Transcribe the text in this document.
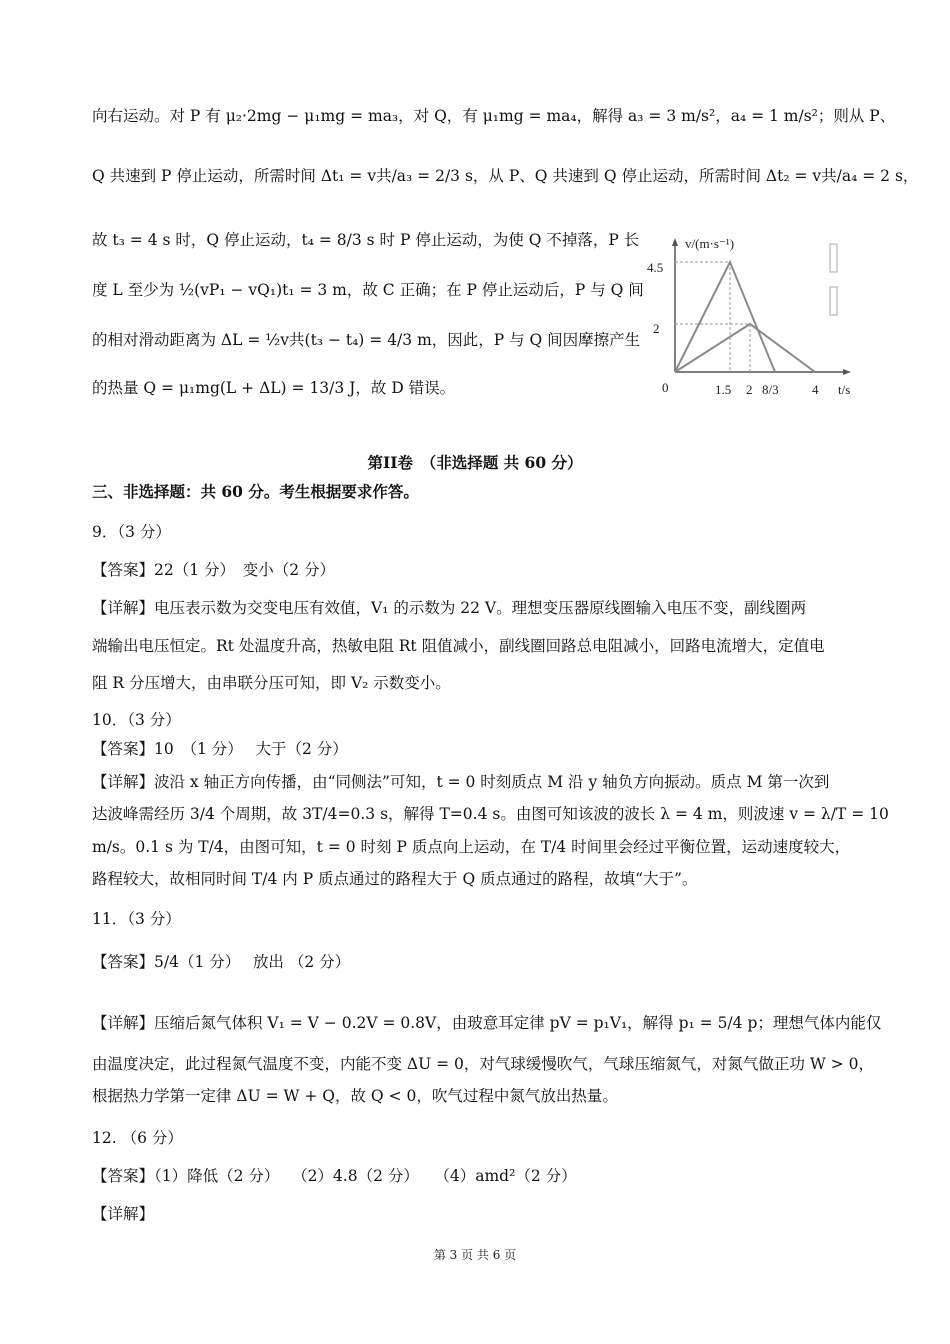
向右运动。对 P 有 μ₂·2mg − μ₁mg = ma₃，对 Q，有 μ₁mg = ma₄，解得 a₃ = 3 m/s²，a₄ = 1 m/s²；则从 P、
Q 共速到 P 停止运动，所需时间 Δt₁ = v共/a₃ = 2/3 s，从 P、Q 共速到 Q 停止运动，所需时间 Δt₂ = v共/a₄ = 2 s，
故 t₃ = 4 s 时，Q 停止运动，t₄ = 8/3 s 时 P 停止运动，为使 Q 不掉落，P 长
度 L 至少为 ½(vP₁ − vQ₁)t₁ = 3 m，故 C 正确；在 P 停止运动后，P 与 Q 间
的相对滑动距离为 ΔL = ½v共(t₃ − t₄) = 4/3 m，因此，P 与 Q 间因摩擦产生
的热量 Q = μ₁mg(L + ΔL) = 13/3 J，故 D 错误。
v/(m·s⁻¹)
4.5
2
0	1.5 2 8/3	4 t/s
第II卷　（非选择题 共 60 分）
三、非选择题：共 60 分。考生根据要求作答。
9．（3 分）
【答案】22（1 分）　变小（2 分）
【详解】电压表示数为交变电压有效值，V₁ 的示数为 22 V。理想变压器原线圈输入电压不变，副线圈两
端输出电压恒定。Rt 处温度升高，热敏电阻 Rt 阻值减小，副线圈回路总电阻减小，回路电流增大，定值电
阻 R 分压增大，由串联分压可知，即 V₂ 示数变小。
10．（3 分）
【答案】10　（1 分）　 大于（2 分）
【详解】波沿 x 轴正方向传播，由“同侧法”可知，t = 0 时刻质点 M 沿 y 轴负方向振动。质点 M 第一次到
达波峰需经历 3/4 个周期，故 3T/4=0.3 s，解得 T=0.4 s。由图可知该波的波长 λ = 4 m，则波速 v = λ/T = 10
m/s。0.1 s 为 T/4，由图可知，t = 0 时刻 P 质点向上运动，在 T/4 时间里会经过平衡位置，运动速度较大，
路程较大，故相同时间 T/4 内 P 质点通过的路程大于 Q 质点通过的路程，故填“大于”。
11．（3 分）
【答案】5/4（1 分）　 放出 （2 分）
【详解】压缩后氮气体积 V₁ = V − 0.2V = 0.8V，由玻意耳定律 pV = p₁V₁，解得 p₁ = 5/4 p；理想气体内能仅
由温度决定，此过程氮气温度不变，内能不变 ΔU = 0，对气球缓慢吹气，气球压缩氮气，对氮气做正功 W > 0，
根据热力学第一定律 ΔU = W + Q，故 Q < 0，吹气过程中氮气放出热量。
12. （6 分）
【答案】（1）降低（2 分）　 （2）4.8（2 分）　　（4）amd²（2 分）
【详解】
第 3 页 共 6 页
